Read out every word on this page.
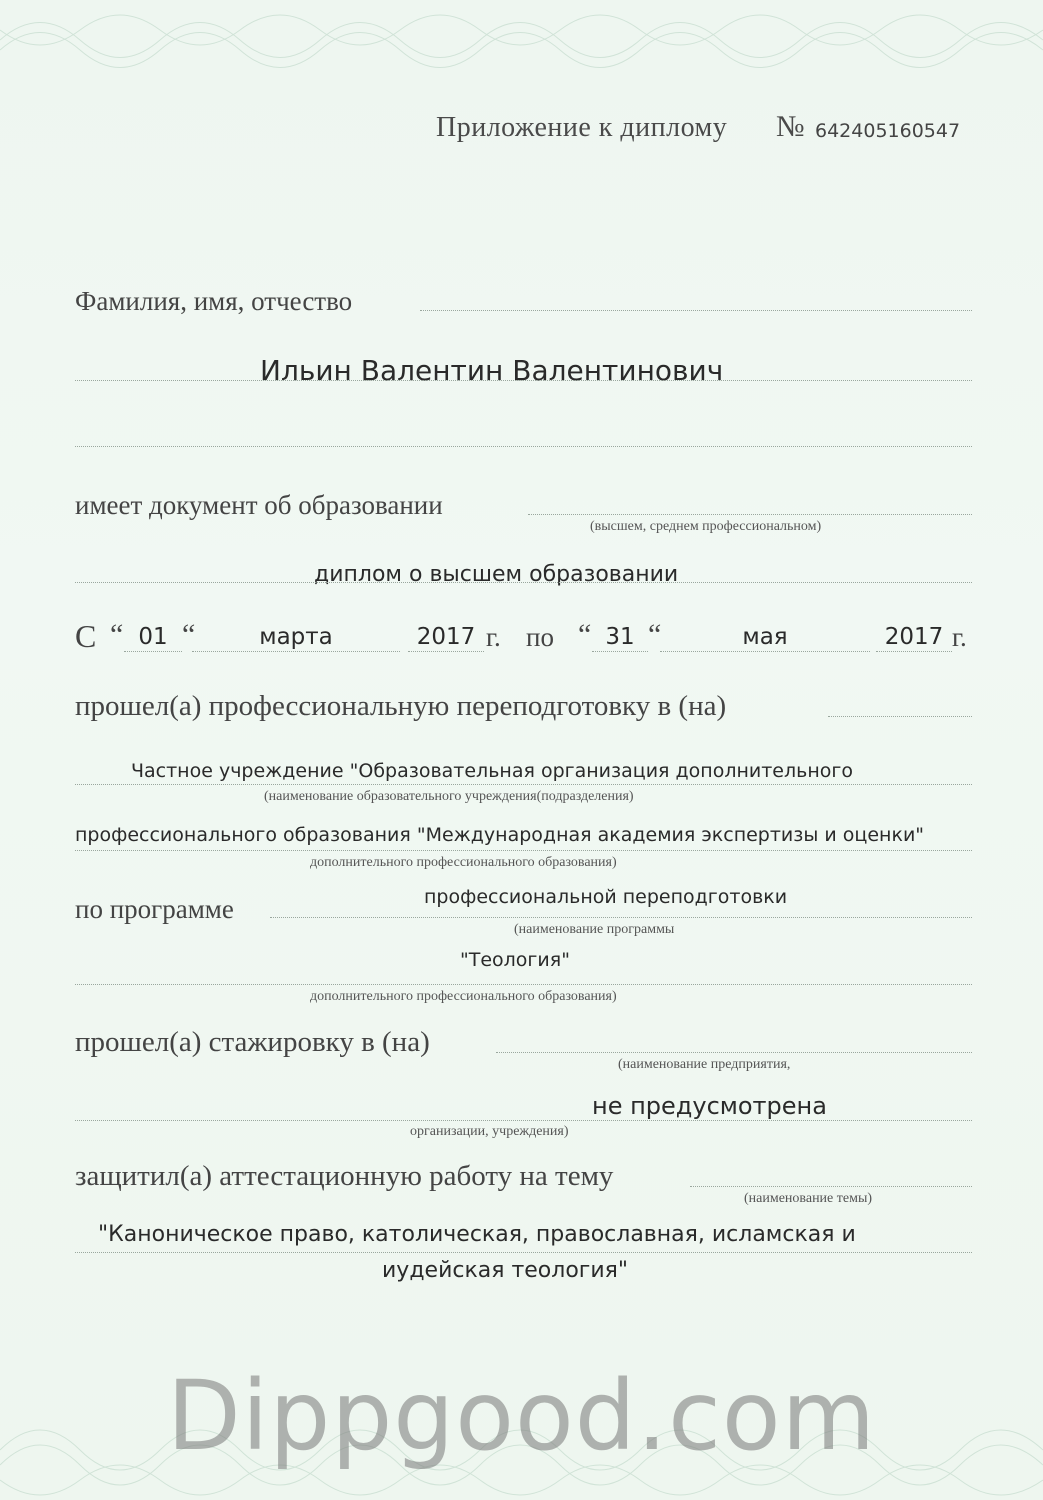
Приложение к диплому № 642405160547
Фамилия, имя, отчество
Ильин Валентин Валентинович
имеет документ об образовании
(высшем, среднем профессиональном)
диплом о высшем образовании
С “ 01 “	марта	2017 г. по “ 31 “	мая	2017 г.
прошел(а) профессиональную переподготовку в (на)
Частное учреждение "Образовательная организация дополнительного
(наименование образовательного учреждения(подразделения)
профессионального образования "Международная академия экспертизы и оценки"
дополнительного профессионального образования)
по программе	профессиональной переподготовки
(наименование программы
"Теология"
дополнительного профессионального образования)
прошел(а) стажировку в (на)
(наименование предприятия,
не предусмотрена
организации, учреждения)
защитил(а) аттестационную работу на тему
(наименование темы)
"Каноническое право, католическая, православная, исламская и
иудейская теология"
Dippgood.com
